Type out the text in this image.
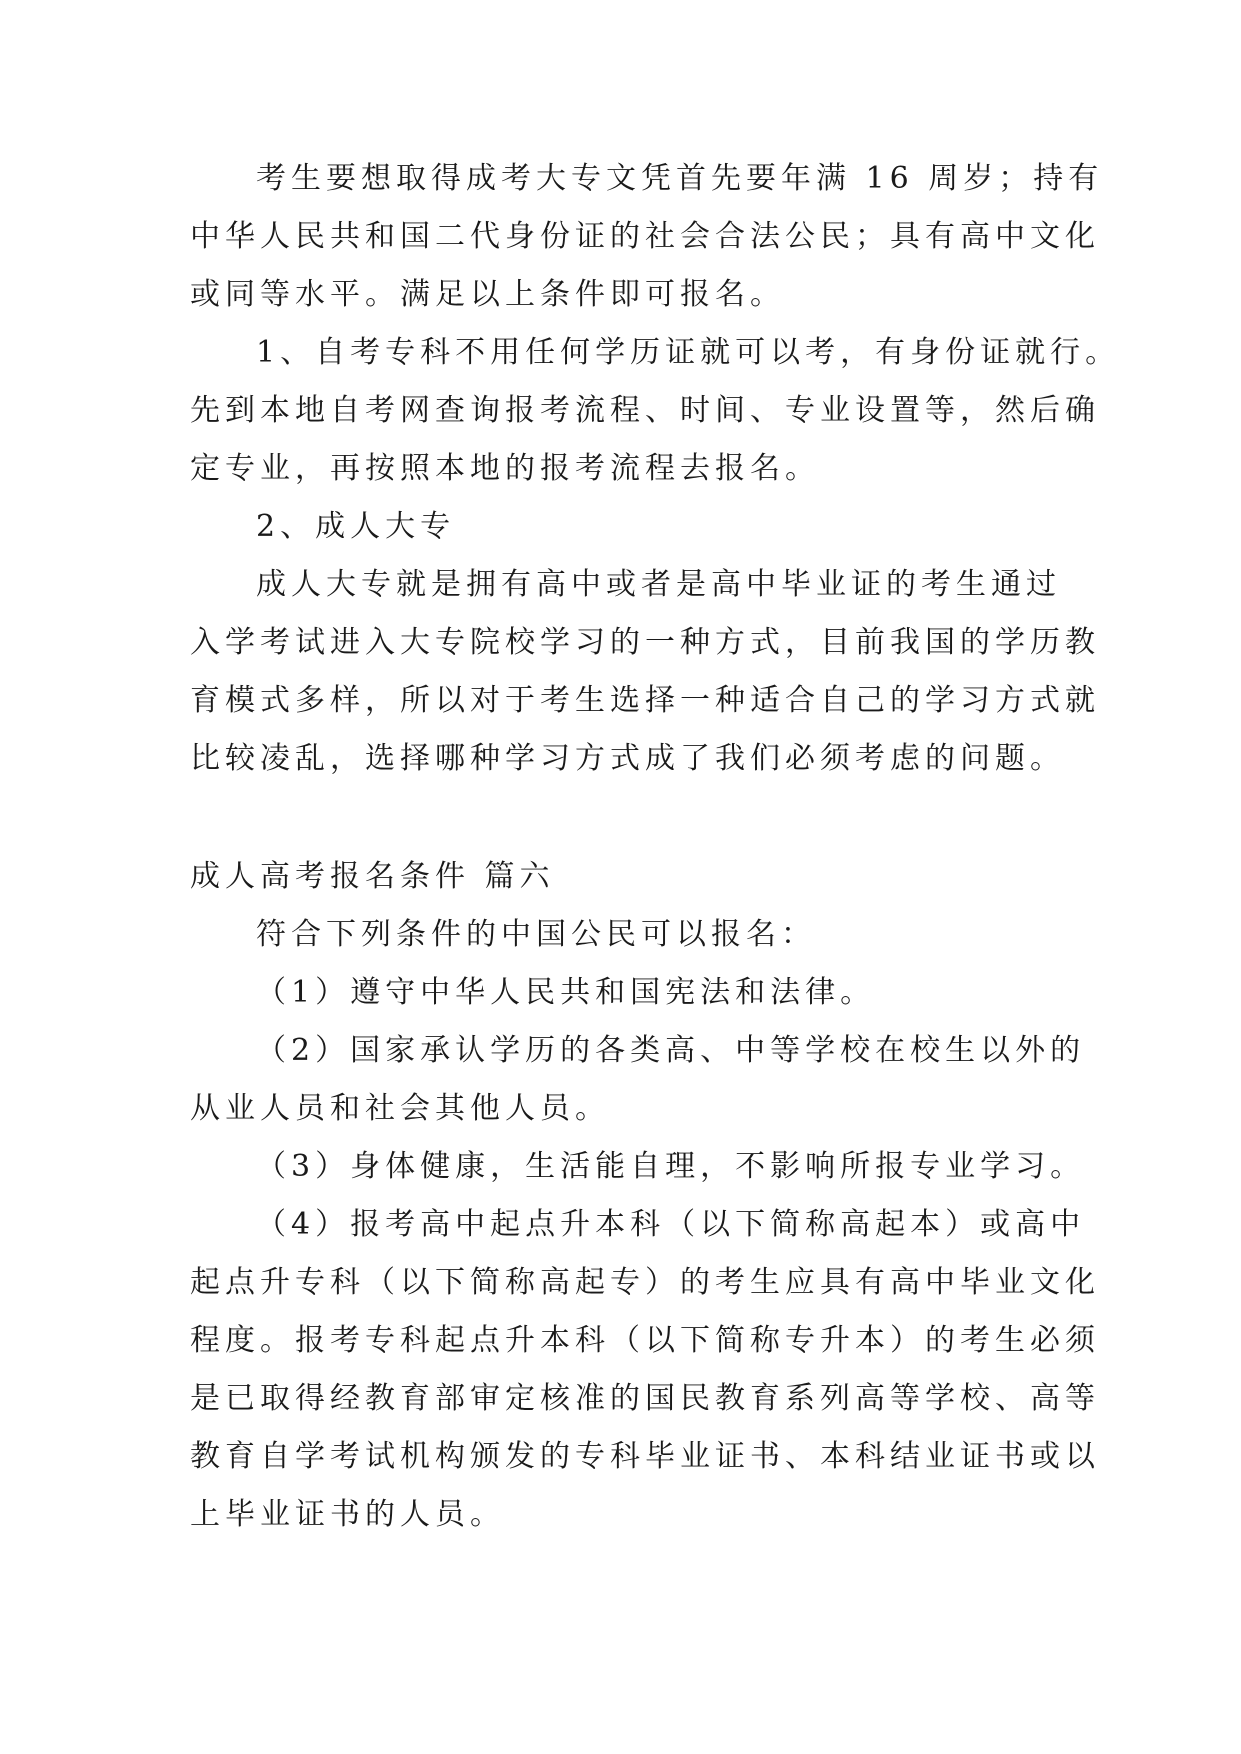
考生要想取得成考大专文凭首先要年满 16 周岁；持有
中华人民共和国二代身份证的社会合法公民；具有高中文化
或同等水平。满足以上条件即可报名。
1、自考专科不用任何学历证就可以考，有身份证就行。
先到本地自考网查询报考流程、时间、专业设置等，然后确
定专业，再按照本地的报考流程去报名。
2、成人大专
成人大专就是拥有高中或者是高中毕业证的考生通过
入学考试进入大专院校学习的一种方式，目前我国的学历教
育模式多样，所以对于考生选择一种适合自己的学习方式就
比较凌乱，选择哪种学习方式成了我们必须考虑的问题。
成人高考报名条件 篇六
符合下列条件的中国公民可以报名：
（1）遵守中华人民共和国宪法和法律。
（2）国家承认学历的各类高、中等学校在校生以外的
从业人员和社会其他人员。
（3）身体健康，生活能自理，不影响所报专业学习。
（4）报考高中起点升本科（以下简称高起本）或高中
起点升专科（以下简称高起专）的考生应具有高中毕业文化
程度。报考专科起点升本科（以下简称专升本）的考生必须
是已取得经教育部审定核准的国民教育系列高等学校、高等
教育自学考试机构颁发的专科毕业证书、本科结业证书或以
上毕业证书的人员。
